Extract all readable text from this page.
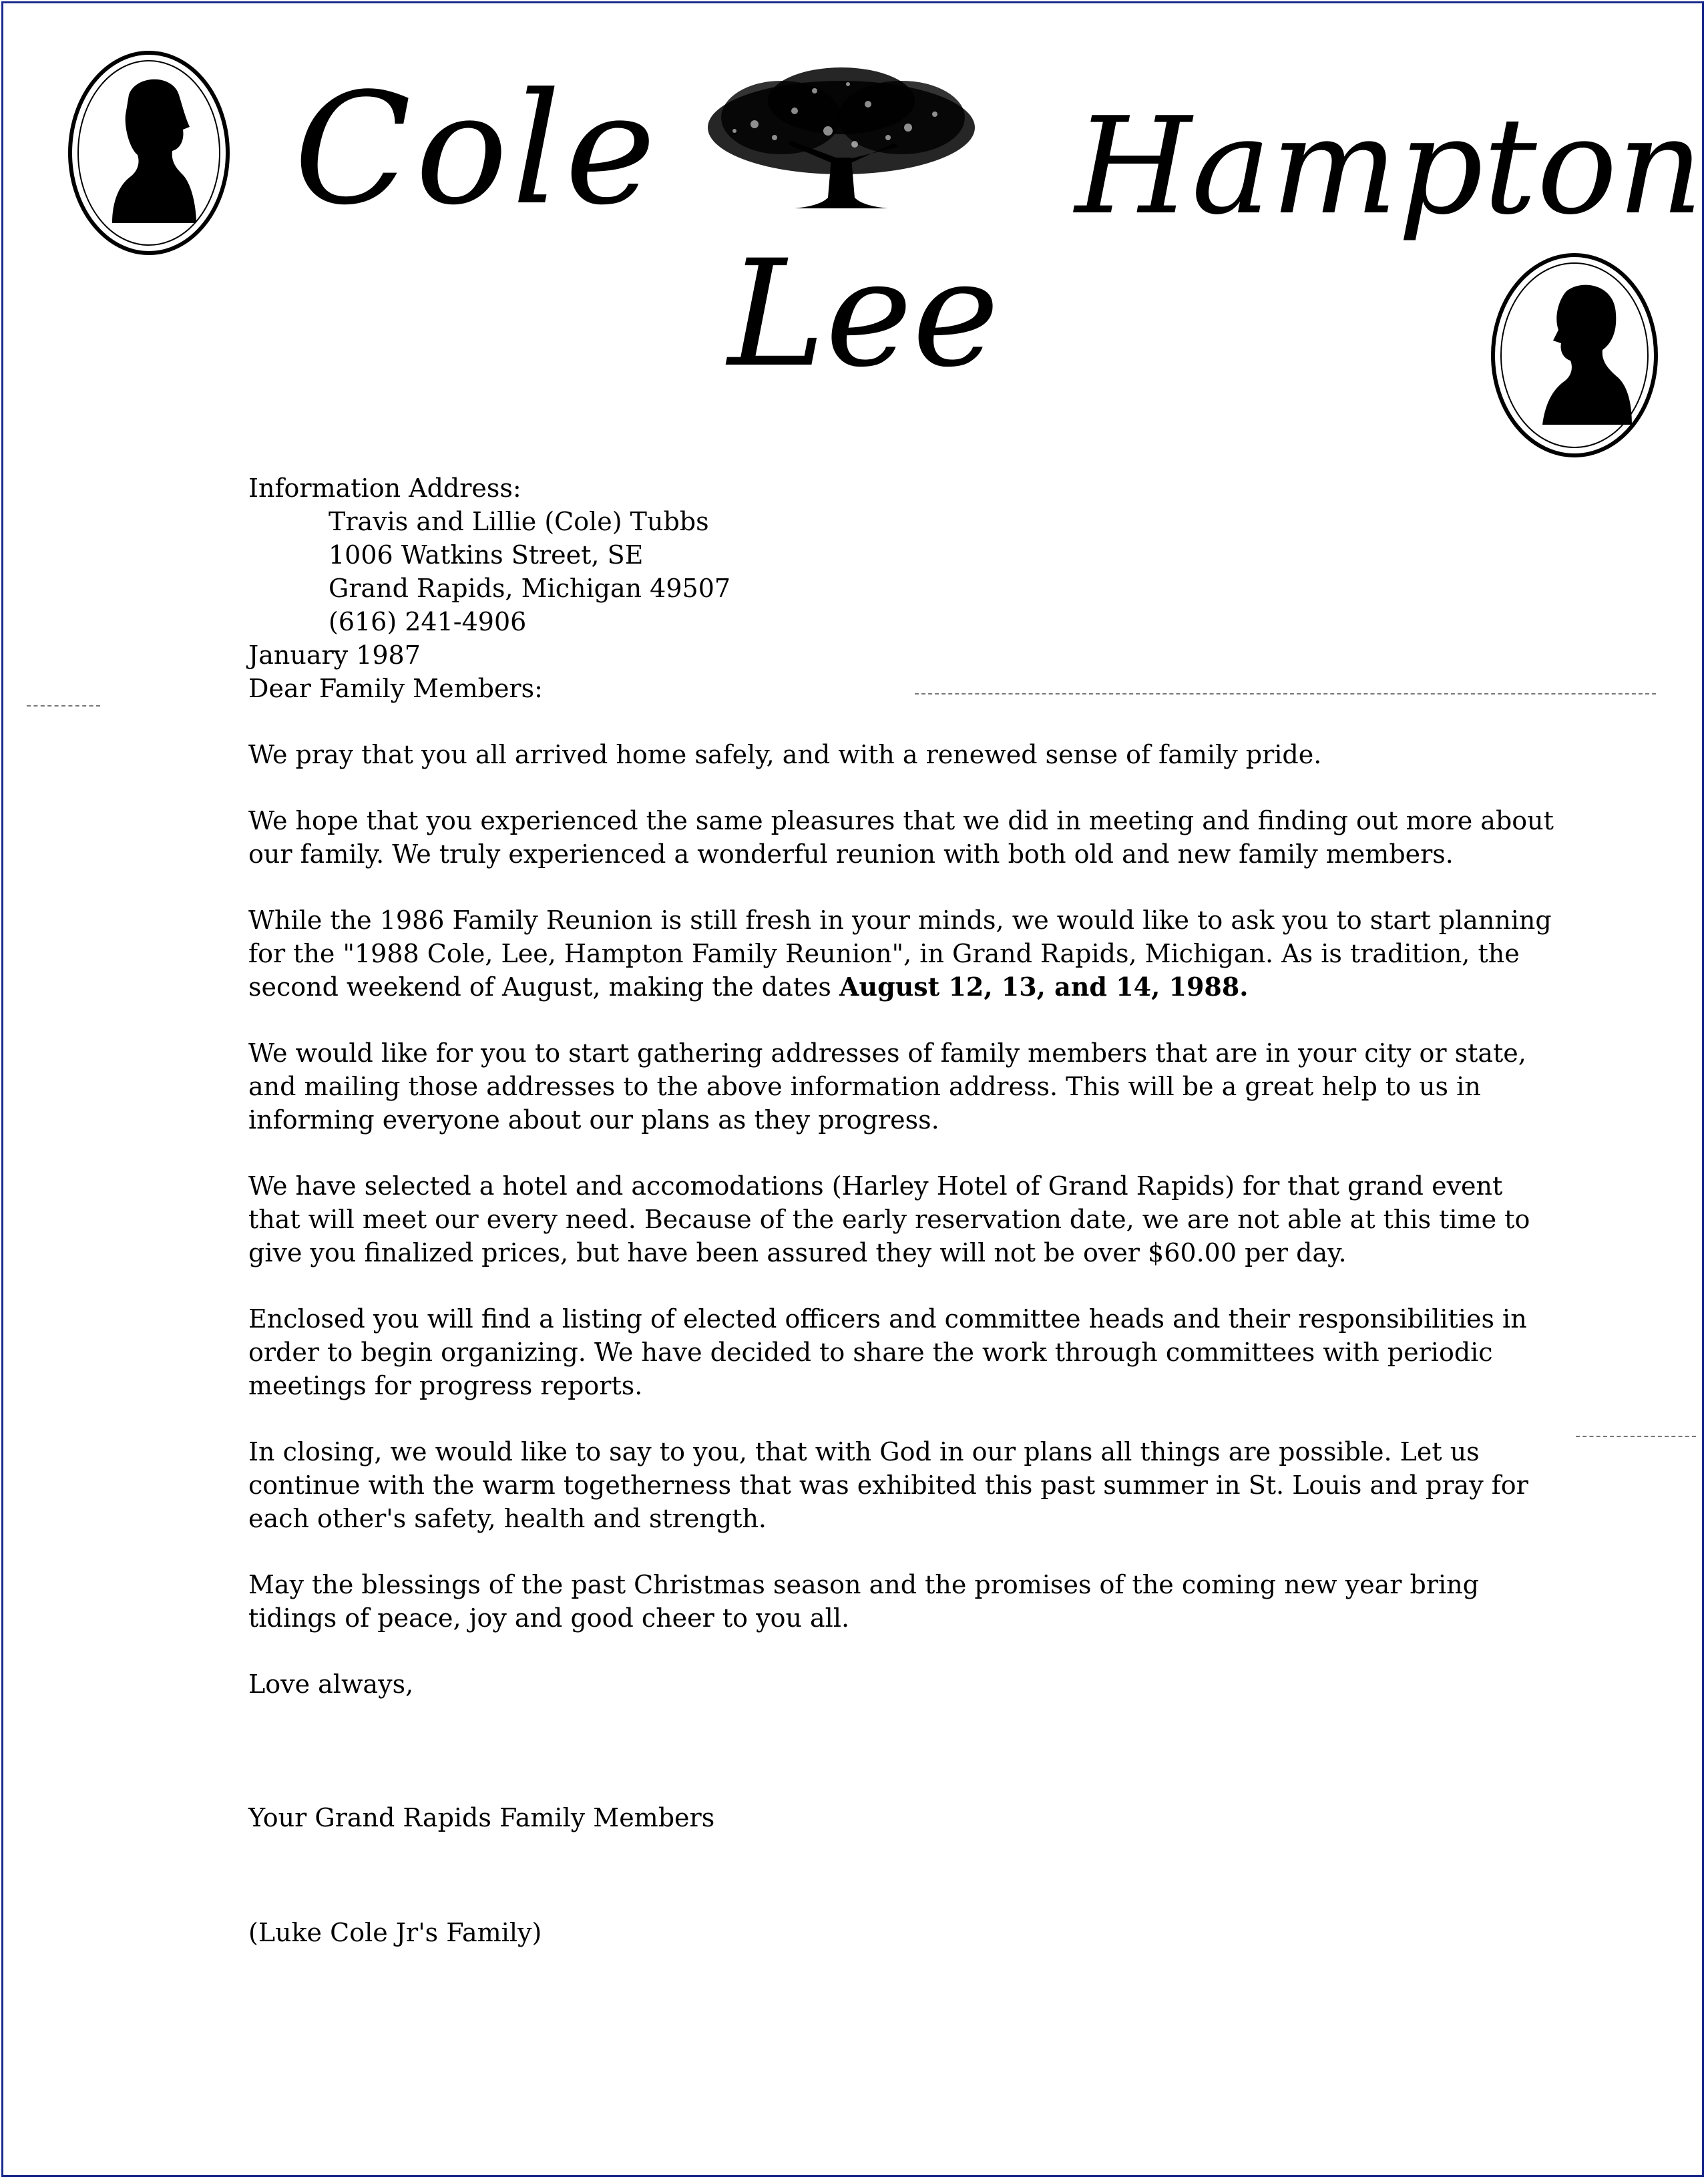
Cole	Hampton
Lee

Information Address:

Travis and Lillie (Cole) Tubbs

1006 Watkins Street, SE

Grand Rapids, Michigan 49507

(616) 241-4906

January 1987

Dear Family Members:

We pray that you all arrived home safely, and with a renewed sense of family pride.

We hope that you experienced the same pleasures that we did in meeting and finding out more about our family. We truly experienced a wonderful reunion with both old and new family members.

While the 1986 Family Reunion is still fresh in your minds, we would like to ask you to start planning for the "1988 Cole, Lee, Hampton Family Reunion", in Grand Rapids, Michigan. As is tradition, the second weekend of August, making the dates August 12, 13, and 14, 1988.

We would like for you to start gathering addresses of family members that are in your city or state, and mailing those addresses to the above information address. This will be a great help to us in informing everyone about our plans as they progress.

We have selected a hotel and accomodations (Harley Hotel of Grand Rapids) for that grand event that will meet our every need. Because of the early reservation date, we are not able at this time to give you finalized prices, but have been assured they will not be over $60.00 per day.

Enclosed you will find a listing of elected officers and committee heads and their responsibilities in order to begin organizing. We have decided to share the work through committees with periodic meetings for progress reports.

In closing, we would like to say to you, that with God in our plans all things are possible. Let us continue with the warm togetherness that was exhibited this past summer in St. Louis and pray for each other's safety, health and strength.

May the blessings of the past Christmas season and the promises of the coming new year bring tidings of peace, joy and good cheer to you all.

Love always,

Your Grand Rapids Family Members

(Luke Cole Jr's Family)
